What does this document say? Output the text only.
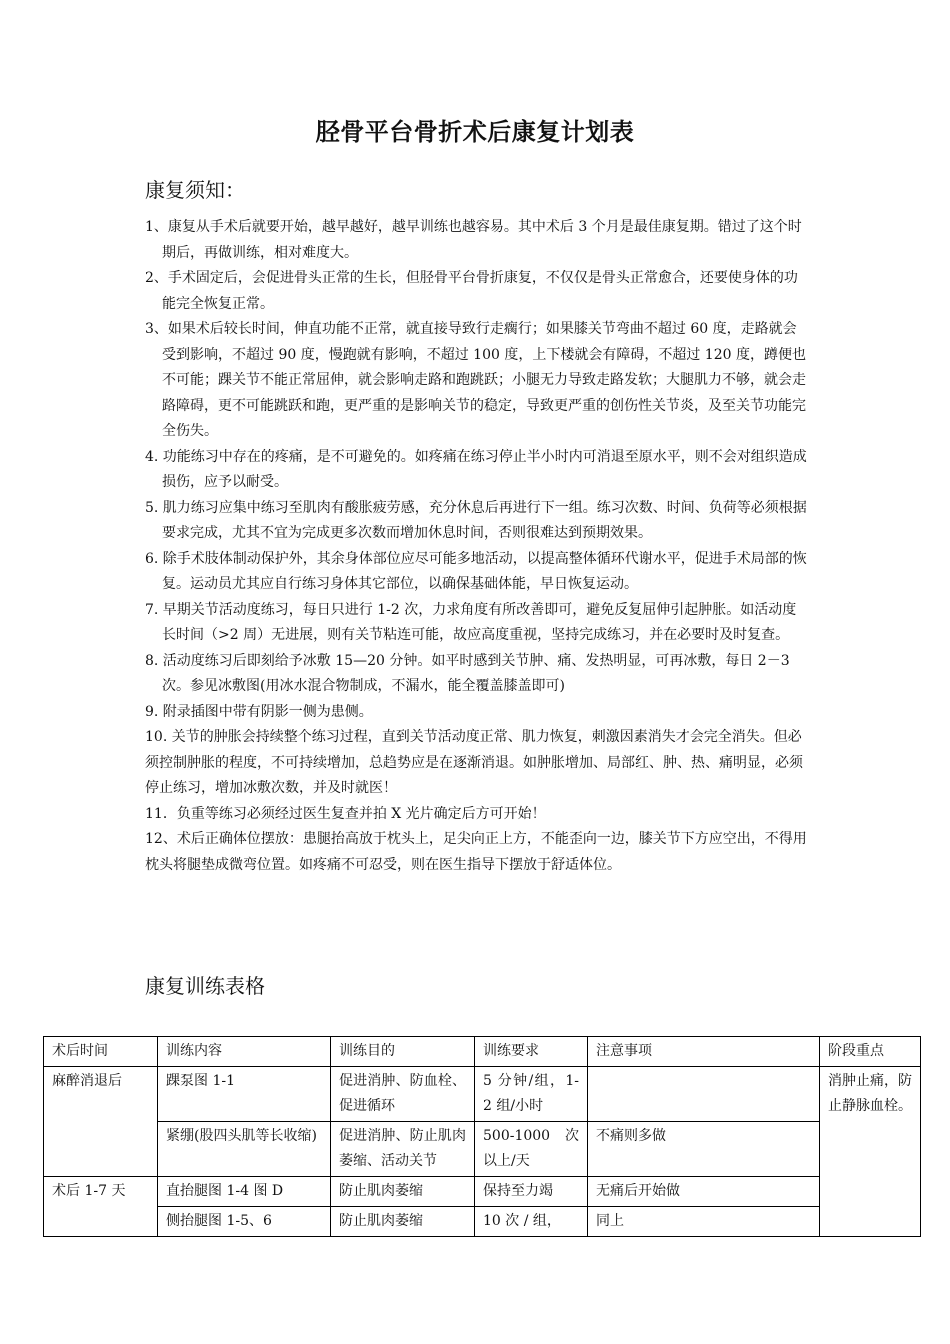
胫骨平台骨折术后康复计划表
康复须知：

1、康复从手术后就要开始，越早越好，越早训练也越容易。其中术后 3 个月是最佳康复期。错过了这个时期后，再做训练，相对难度大。

2、手术固定后，会促进骨头正常的生长，但胫骨平台骨折康复，不仅仅是骨头正常愈合，还要使身体的功能完全恢复正常。

3、如果术后较长时间，伸直功能不正常，就直接导致行走瘸行；如果膝关节弯曲不超过 60 度，走路就会受到影响，不超过 90 度，慢跑就有影响，不超过 100 度，上下楼就会有障碍，不超过 120 度，蹲便也不可能；踝关节不能正常屈伸，就会影响走路和跑跳跃；小腿无力导致走路发软；大腿肌力不够，就会走路障碍，更不可能跳跃和跑，更严重的是影响关节的稳定，导致更严重的创伤性关节炎，及至关节功能完全伤失。

4. 功能练习中存在的疼痛，是不可避免的。如疼痛在练习停止半小时内可消退至原水平，则不会对组织造成损伤，应予以耐受。

5. 肌力练习应集中练习至肌肉有酸胀疲劳感，充分休息后再进行下一组。练习次数、时间、负荷等必须根据要求完成，尤其不宜为完成更多次数而增加休息时间，否则很难达到预期效果。

6. 除手术肢体制动保护外，其余身体部位应尽可能多地活动，以提高整体循环代谢水平，促进手术局部的恢复。运动员尤其应自行练习身体其它部位，以确保基础体能，早日恢复运动。

7. 早期关节活动度练习，每日只进行 1-2 次，力求角度有所改善即可，避免反复屈伸引起肿胀。如活动度长时间（>2 周）无进展，则有关节粘连可能，故应高度重视，坚持完成练习，并在必要时及时复查。

8. 活动度练习后即刻给予冰敷 15—20 分钟。如平时感到关节肿、痛、发热明显，可再冰敷，每日 2－3 次。参见冰敷图(用冰水混合物制成，不漏水，能全覆盖膝盖即可)

9. 附录插图中带有阴影一侧为患侧。

10. 关节的肿胀会持续整个练习过程，直到关节活动度正常、肌力恢复，刺激因素消失才会完全消失。但必须控制肿胀的程度，不可持续增加，总趋势应是在逐渐消退。如肿胀增加、局部红、肿、热、痛明显，必须停止练习，增加冰敷次数，并及时就医！

11．负重等练习必须经过医生复查并拍 X 光片确定后方可开始！

12、术后正确体位摆放：患腿抬高放于枕头上，足尖向正上方，不能歪向一边，膝关节下方应空出，不得用枕头将腿垫成微弯位置。如疼痛不可忍受，则在医生指导下摆放于舒适体位。

康复训练表格
术后时间	训练内容	训练目的	训练要求	注意事项	阶段重点
麻醉消退后	踝泵图 1-1	促进消肿、防血栓、促进循环	5 分钟/组，1-2 组/小时		消肿止痛，防止静脉血栓。
	紧绷(股四头肌等长收缩)	促进消肿、防止肌肉萎缩、活动关节	500-1000 次以上/天	不痛则多做	
术后 1-7 天	直抬腿图 1-4 图 D	防止肌肉萎缩	保持至力竭	无痛后开始做	
	侧抬腿图 1-5、6	防止肌肉萎缩	10 次 / 组，	同上	
